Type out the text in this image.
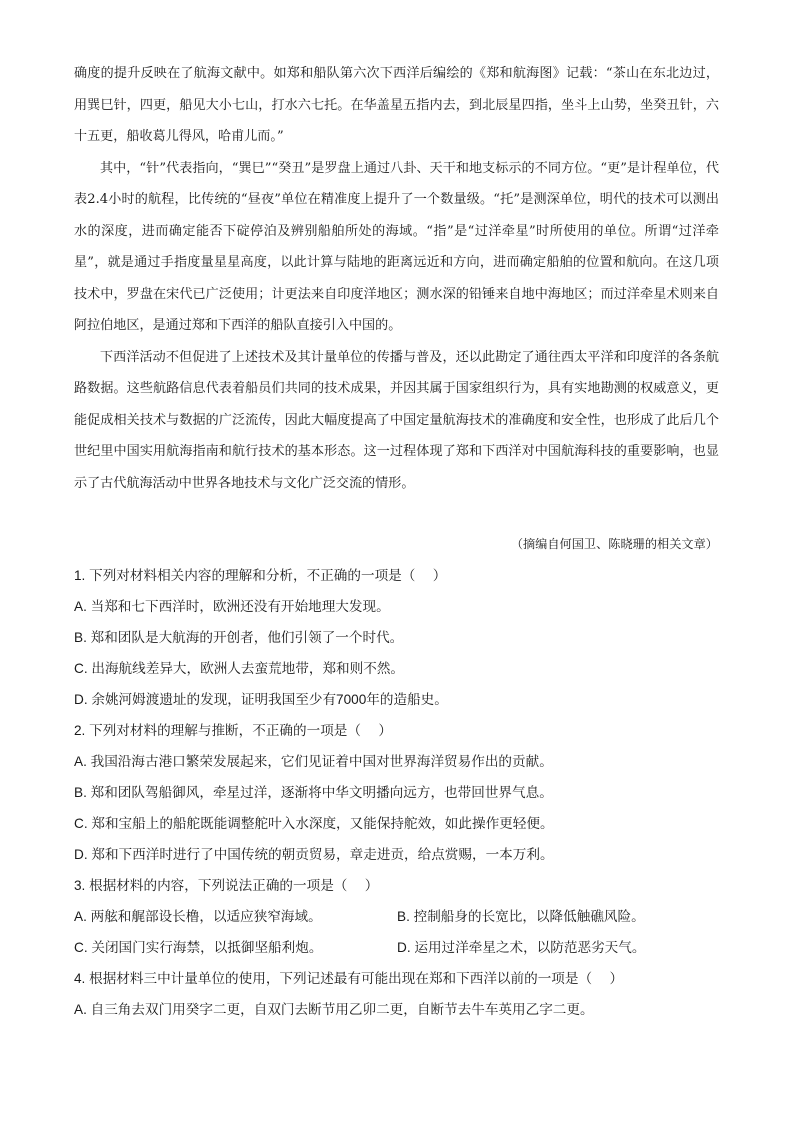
确度的提升反映在了航海文献中。如郑和船队第六次下西洋后编绘的《郑和航海图》记载：“茶山在东北边过，用巽巳针，四更，船见大小七山，打水六七托。在华盖星五指内去，到北辰星四指，坐斗上山势，坐癸丑针，六十五更，船收葛儿得风，哈甫儿而。”

其中，“针”代表指向，“巽巳”“癸丑”是罗盘上通过八卦、天干和地支标示的不同方位。“更”是计程单位，代表2.4小时的航程，比传统的“昼夜”单位在精准度上提升了一个数量级。“托”是测深单位，明代的技术可以测出水的深度，进而确定能否下碇停泊及辨别船舶所处的海域。“指”是“过洋牵星”时所使用的单位。所谓“过洋牵星”，就是通过手指度量星星高度，以此计算与陆地的距离远近和方向，进而确定船舶的位置和航向。在这几项技术中，罗盘在宋代已广泛使用；计更法来自印度洋地区；测水深的铅锤来自地中海地区；而过洋牵星术则来自阿拉伯地区，是通过郑和下西洋的船队直接引入中国的。

下西洋活动不但促进了上述技术及其计量单位的传播与普及，还以此勘定了通往西太平洋和印度洋的各条航路数据。这些航路信息代表着船员们共同的技术成果，并因其属于国家组织行为，具有实地勘测的权威意义，更能促成相关技术与数据的广泛流传，因此大幅度提高了中国定量航海技术的准确度和安全性，也形成了此后几个世纪里中国实用航海指南和航行技术的基本形态。这一过程体现了郑和下西洋对中国航海科技的重要影响，也显示了古代航海活动中世界各地技术与文化广泛交流的情形。

（摘编自何国卫、陈晓珊的相关文章）
1. 下列对材料相关内容的理解和分析，不正确的一项是（　 ）
A. 当郑和七下西洋时，欧洲还没有开始地理大发现。
B. 郑和团队是大航海的开创者，他们引领了一个时代。
C. 出海航线差异大，欧洲人去蛮荒地带，郑和则不然。
D. 余姚河姆渡遗址的发现，证明我国至少有7000年的造船史。
2. 下列对材料的理解与推断，不正确的一项是（　 ）
A. 我国沿海古港口繁荣发展起来，它们见证着中国对世界海洋贸易作出的贡献。
B. 郑和团队驾船御风，牵星过洋，逐渐将中华文明播向远方，也带回世界气息。
C. 郑和宝船上的船舵既能调整舵叶入水深度，又能保持舵效，如此操作更轻便。
D. 郑和下西洋时进行了中国传统的朝贡贸易，章走进贡，给点赏赐，一本万利。
3. 根据材料的内容，下列说法正确的一项是（　 ）
A. 两舷和艉部设长橹，以适应狭窄海域。	B. 控制船身的长宽比，以降低触礁风险。
C. 关闭国门实行海禁，以抵御坚船利炮。	D. 运用过洋牵星之术，以防范恶劣天气。
4. 根据材料三中计量单位的使用，下列记述最有可能出现在郑和下西洋以前的一项是（　 ）
A. 自三角去双门用癸字二更，自双门去断节用乙卯二更，自断节去牛车英用乙字二更。
